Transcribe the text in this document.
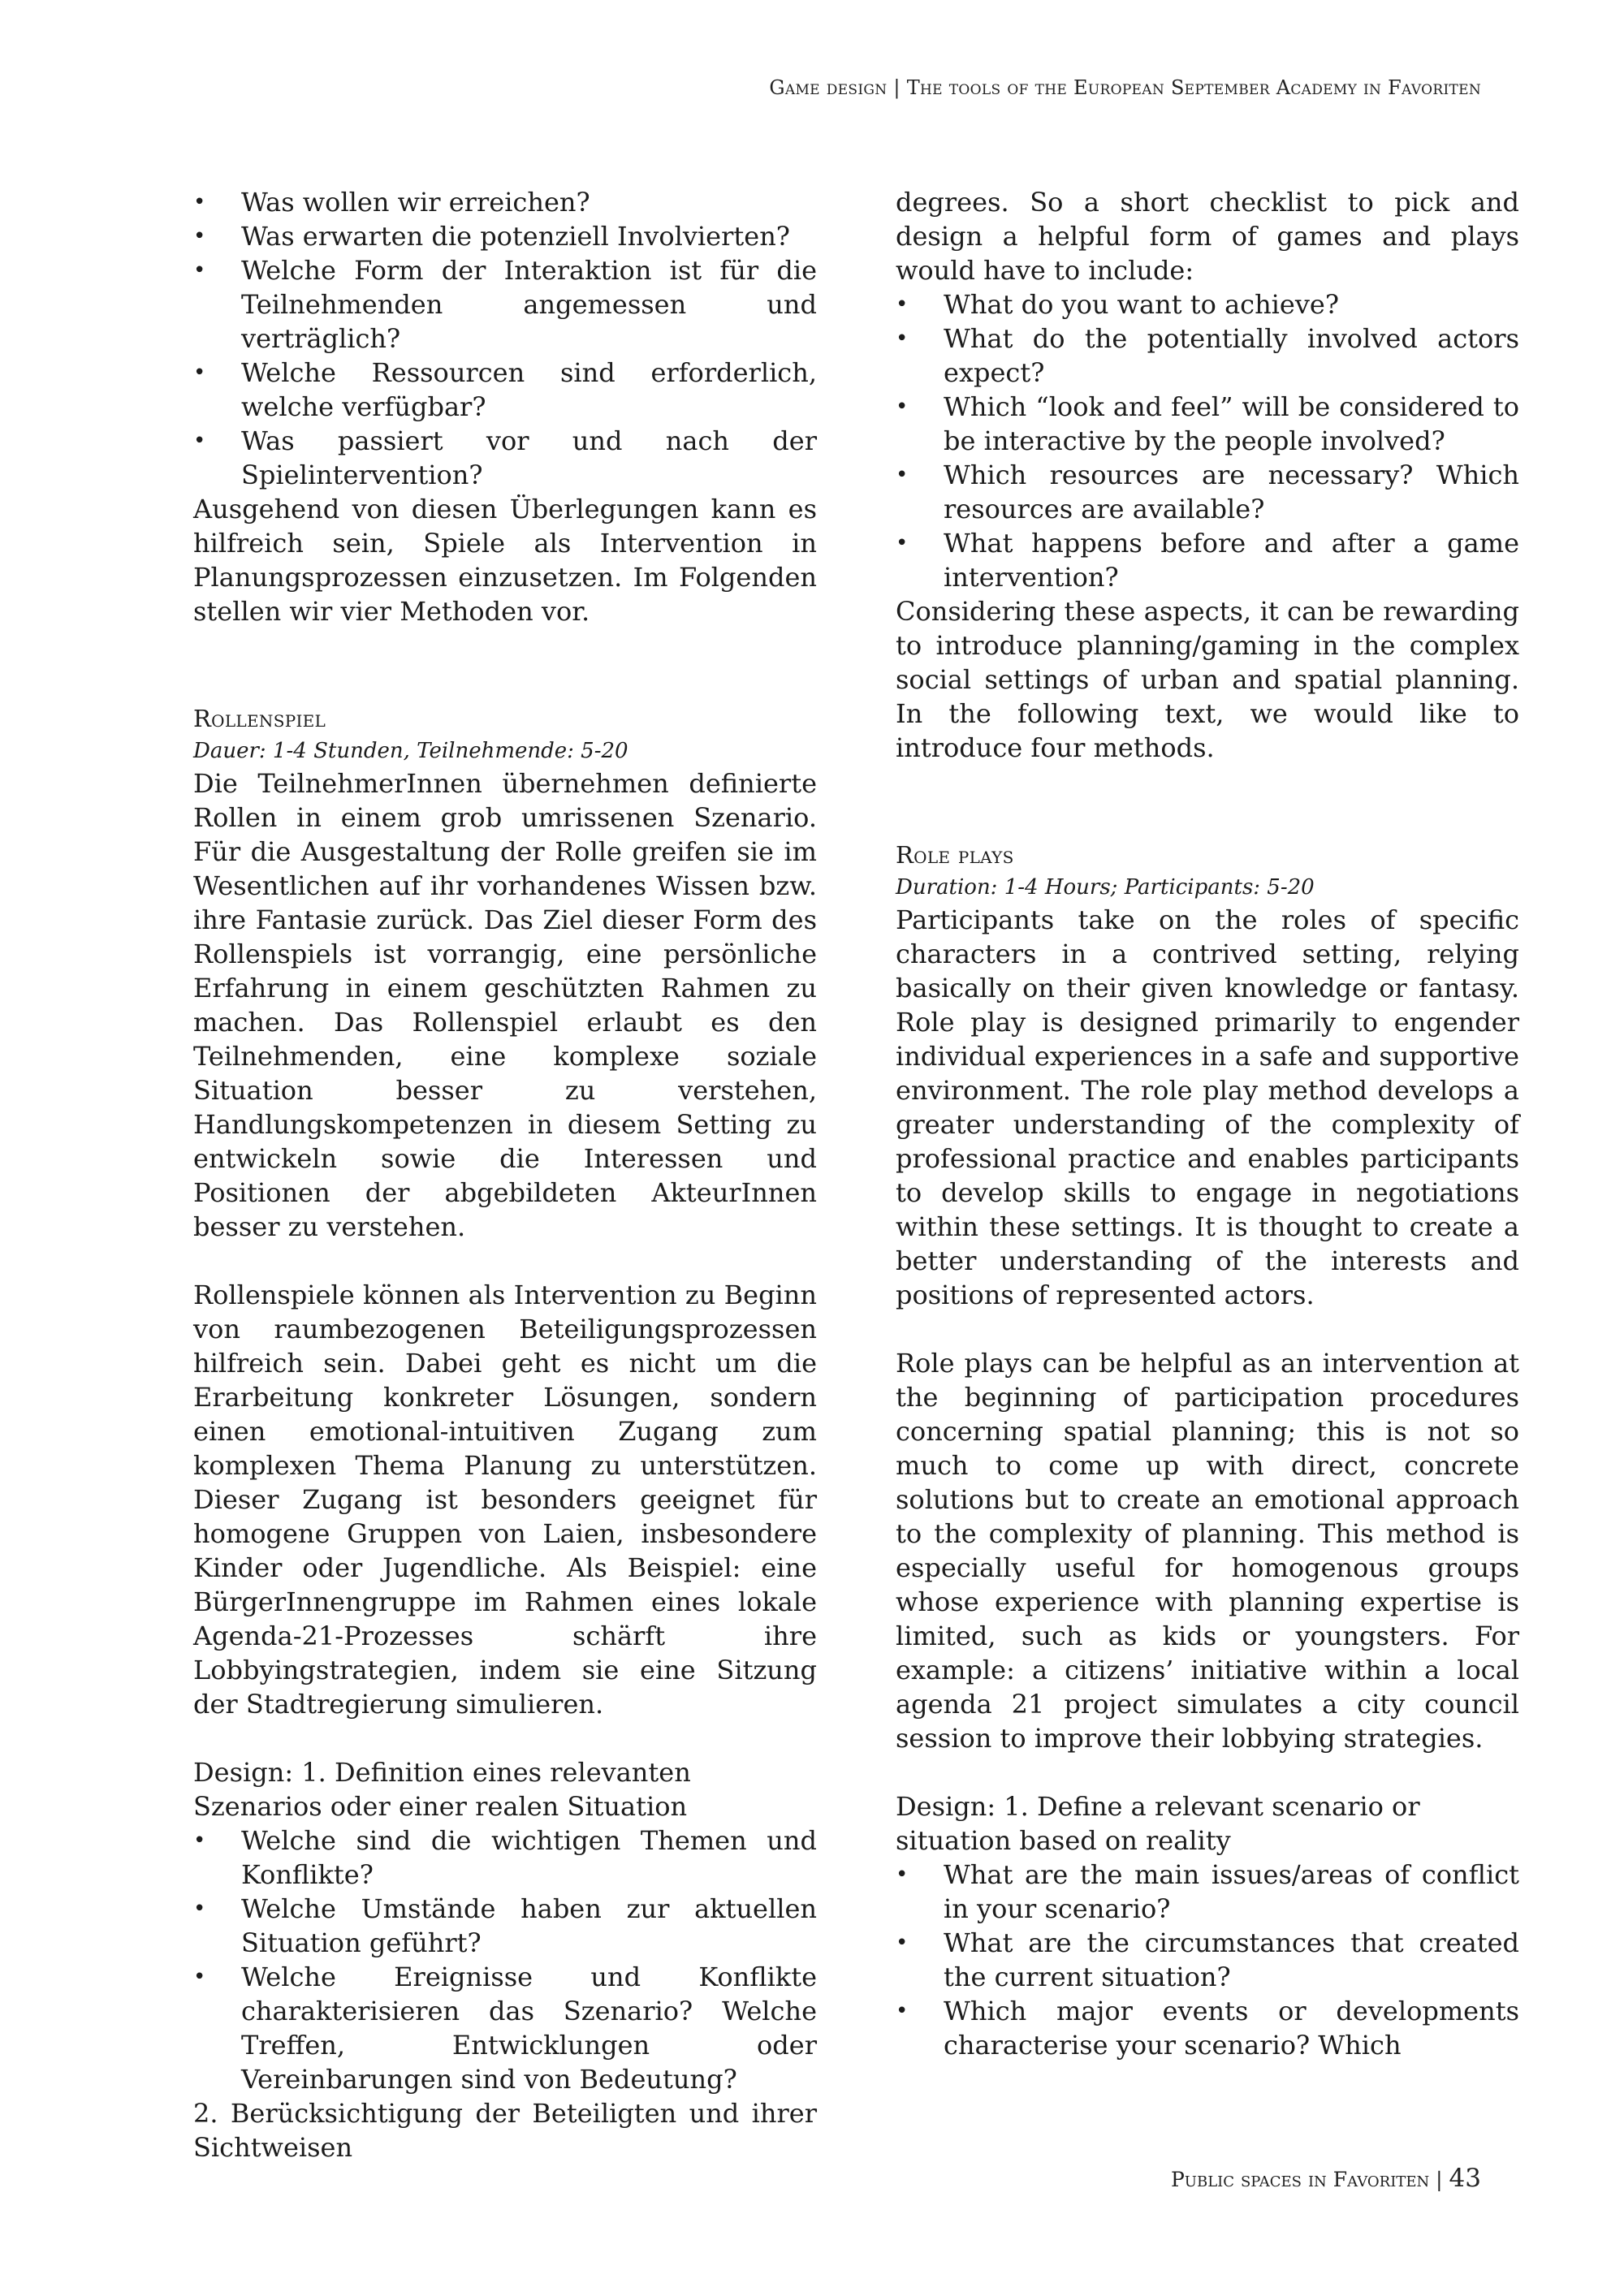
Game design | The tools of the European September Academy in Favoriten
• Was wollen wir erreichen?
• Was erwarten die potenziell Involvierten?
• Welche Form der Interaktion ist für die Teilnehmenden angemessen und verträglich?
• Welche Ressourcen sind erforderlich, welche verfügbar?
• Was passiert vor und nach der Spielintervention?

Ausgehend von diesen Überlegungen kann es hilfreich sein, Spiele als Intervention in Planungsprozessen einzusetzen. Im Folgenden stellen wir vier Methoden vor.

Rollenspiel
Dauer: 1-4 Stunden, Teilnehmende: 5-20

Die TeilnehmerInnen übernehmen definierte Rollen in einem grob umrissenen Szenario. Für die Ausgestaltung der Rolle greifen sie im Wesentlichen auf ihr vorhandenes Wissen bzw. ihre Fantasie zurück. Das Ziel dieser Form des Rollenspiels ist vorrangig, eine persönliche Erfahrung in einem geschützten Rahmen zu machen. Das Rollenspiel erlaubt es den Teilnehmenden, eine komplexe soziale Situation besser zu verstehen, Handlungskompetenzen in diesem Setting zu entwickeln sowie die Interessen und Positionen der abgebildeten AkteurInnen besser zu verstehen.

Rollenspiele können als Intervention zu Beginn von raumbezogenen Beteiligungsprozessen hilfreich sein. Dabei geht es nicht um die Erarbeitung konkreter Lösungen, sondern einen emotional-intuitiven Zugang zum komplexen Thema Planung zu unterstützen. Dieser Zugang ist besonders geeignet für homogene Gruppen von Laien, insbesondere Kinder oder Jugendliche. Als Beispiel: eine BürgerInnengruppe im Rahmen eines lokale Agenda-21-Prozesses schärft ihre Lobbyingstrategien, indem sie eine Sitzung der Stadtregierung simulieren.

Design: 1. Definition eines relevanten Szenarios oder einer realen Situation

• Welche sind die wichtigen Themen und Konflikte?
• Welche Umstände haben zur aktuellen Situation geführt?
• Welche Ereignisse und Konflikte charakterisieren das Szenario? Welche Treffen, Entwicklungen oder Vereinbarungen sind von Bedeutung?

2. Berücksichtigung der Beteiligten und ihrer Sichtweisen

degrees. So a short checklist to pick and design a helpful form of games and plays would have to include:

• What do you want to achieve?
• What do the potentially involved actors expect?
• Which “look and feel” will be considered to be interactive by the people involved?
• Which resources are necessary? Which resources are available?
• What happens before and after a game intervention?

Considering these aspects, it can be rewarding to introduce planning/gaming in the complex social settings of urban and spatial planning. In the following text, we would like to introduce four methods.

Role plays
Duration: 1-4 Hours; Participants: 5-20

Participants take on the roles of specific characters in a contrived setting, relying basically on their given knowledge or fantasy. Role play is designed primarily to engender individual experiences in a safe and supportive environment. The role play method develops a greater understanding of the complexity of professional practice and enables participants to develop skills to engage in negotiations within these settings. It is thought to create a better understanding of the interests and positions of represented actors.

Role plays can be helpful as an intervention at the beginning of participation procedures concerning spatial planning; this is not so much to come up with direct, concrete solutions but to create an emotional approach to the complexity of planning. This method is especially useful for homogenous groups whose experience with planning expertise is limited, such as kids or youngsters. For example: a citizens’ initiative within a local agenda 21 project simulates a city council session to improve their lobbying strategies.

Design: 1. Define a relevant scenario or situation based on reality

• What are the main issues/areas of conflict in your scenario?
• What are the circumstances that created the current situation?
• Which major events or developments characterise your scenario? Which
Public spaces in Favoriten | 43
